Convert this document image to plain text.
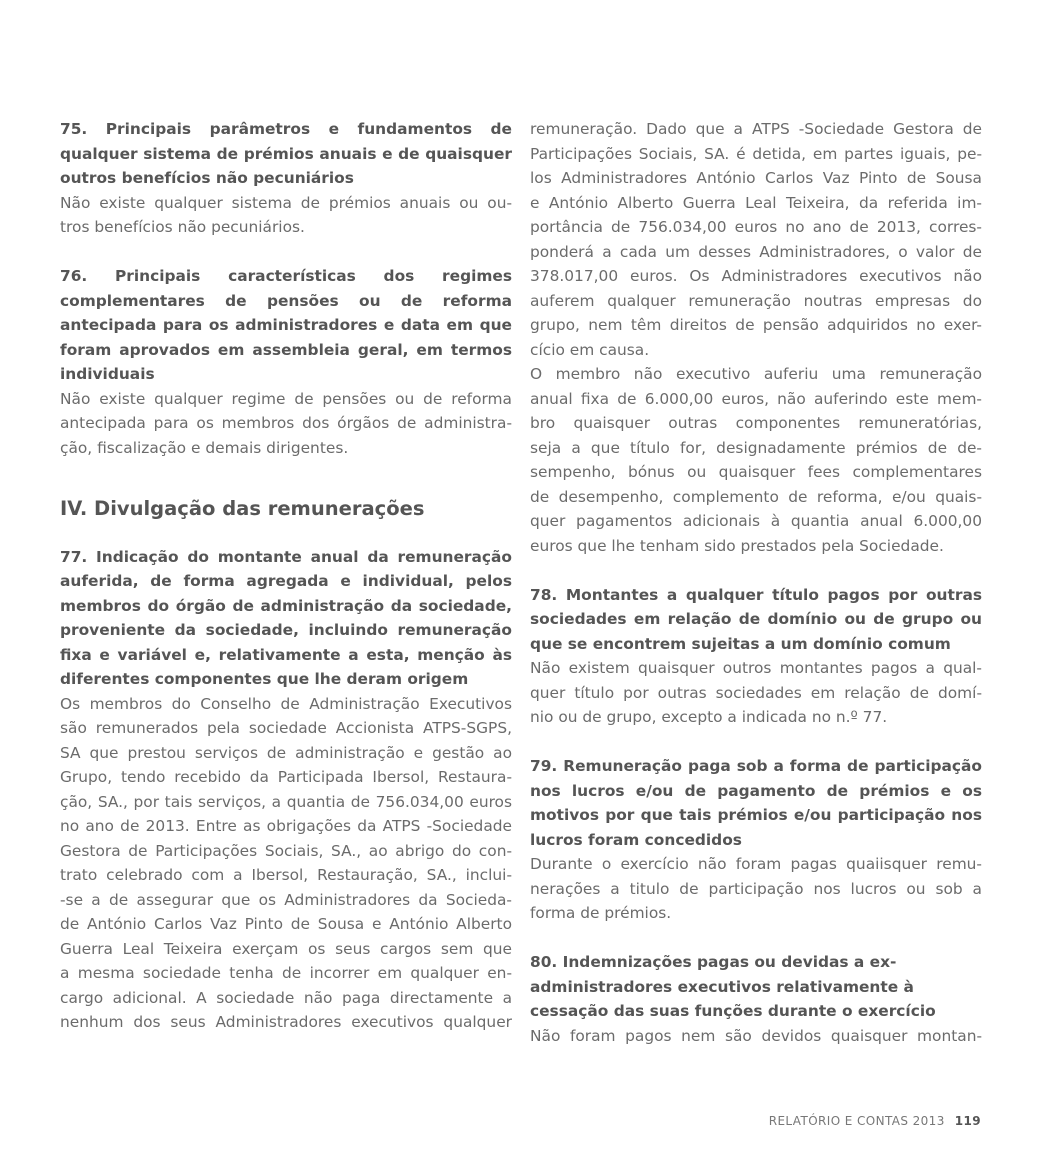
75. Principais parâmetros e fundamentos de
qualquer sistema de prémios anuais e de quaisquer
outros benefícios não pecuniários
Não existe qualquer sistema de prémios anuais ou ou-
tros benefícios não pecuniários.
76. Principais características dos regimes
complementares de pensões ou de reforma
antecipada para os administradores e data em que
foram aprovados em assembleia geral, em termos
individuais
Não existe qualquer regime de pensões ou de reforma
antecipada para os membros dos órgãos de administra-
ção, fiscalização e demais dirigentes.
IV. Divulgação das remunerações
77. Indicação do montante anual da remuneração
auferida, de forma agregada e individual, pelos
membros do órgão de administração da sociedade,
proveniente da sociedade, incluindo remuneração
fixa e variável e, relativamente a esta, menção às
diferentes componentes que lhe deram origem
Os membros do Conselho de Administração Executivos
são remunerados pela sociedade Accionista ATPS-SGPS,
SA que prestou serviços de administração e gestão ao
Grupo, tendo recebido da Participada Ibersol, Restaura-
ção, SA., por tais serviços, a quantia de 756.034,00 euros
no ano de 2013. Entre as obrigações da ATPS -Sociedade
Gestora de Participações Sociais, SA., ao abrigo do con-
trato celebrado com a Ibersol, Restauração, SA., inclui-
-se a de assegurar que os Administradores da Socieda-
de António Carlos Vaz Pinto de Sousa e António Alberto
Guerra Leal Teixeira exerçam os seus cargos sem que
a mesma sociedade tenha de incorrer em qualquer en-
cargo adicional. A sociedade não paga directamente a
nenhum dos seus Administradores executivos qualquer
remuneração. Dado que a ATPS -Sociedade Gestora de
Participações Sociais, SA. é detida, em partes iguais, pe-
los Administradores António Carlos Vaz Pinto de Sousa
e António Alberto Guerra Leal Teixeira, da referida im-
portância de 756.034,00 euros no ano de 2013, corres-
ponderá a cada um desses Administradores, o valor de
378.017,00 euros. Os Administradores executivos não
auferem qualquer remuneração noutras empresas do
grupo, nem têm direitos de pensão adquiridos no exer-
cício em causa.
O membro não executivo auferiu uma remuneração
anual fixa de 6.000,00 euros, não auferindo este mem-
bro quaisquer outras componentes remuneratórias,
seja a que título for, designadamente prémios de de-
sempenho, bónus ou quaisquer fees complementares
de desempenho, complemento de reforma, e/ou quais-
quer pagamentos adicionais à quantia anual 6.000,00
euros que lhe tenham sido prestados pela Sociedade.
78. Montantes a qualquer título pagos por outras
sociedades em relação de domínio ou de grupo ou
que se encontrem sujeitas a um domínio comum
Não existem quaisquer outros montantes pagos a qual-
quer título por outras sociedades em relação de domí-
nio ou de grupo, excepto a indicada no n.º 77.
79. Remuneração paga sob a forma de participação
nos lucros e/ou de pagamento de prémios e os
motivos por que tais prémios e/ou participação nos
lucros foram concedidos
Durante o exercício não foram pagas quaiisquer remu-
nerações a titulo de participação nos lucros ou sob a
forma de prémios.
80. Indemnizações pagas ou devidas a ex-
administradores executivos relativamente à
cessação das suas funções durante o exercício
Não foram pagos nem são devidos quaisquer montan-
RELATÓRIO E CONTAS 2013 119
